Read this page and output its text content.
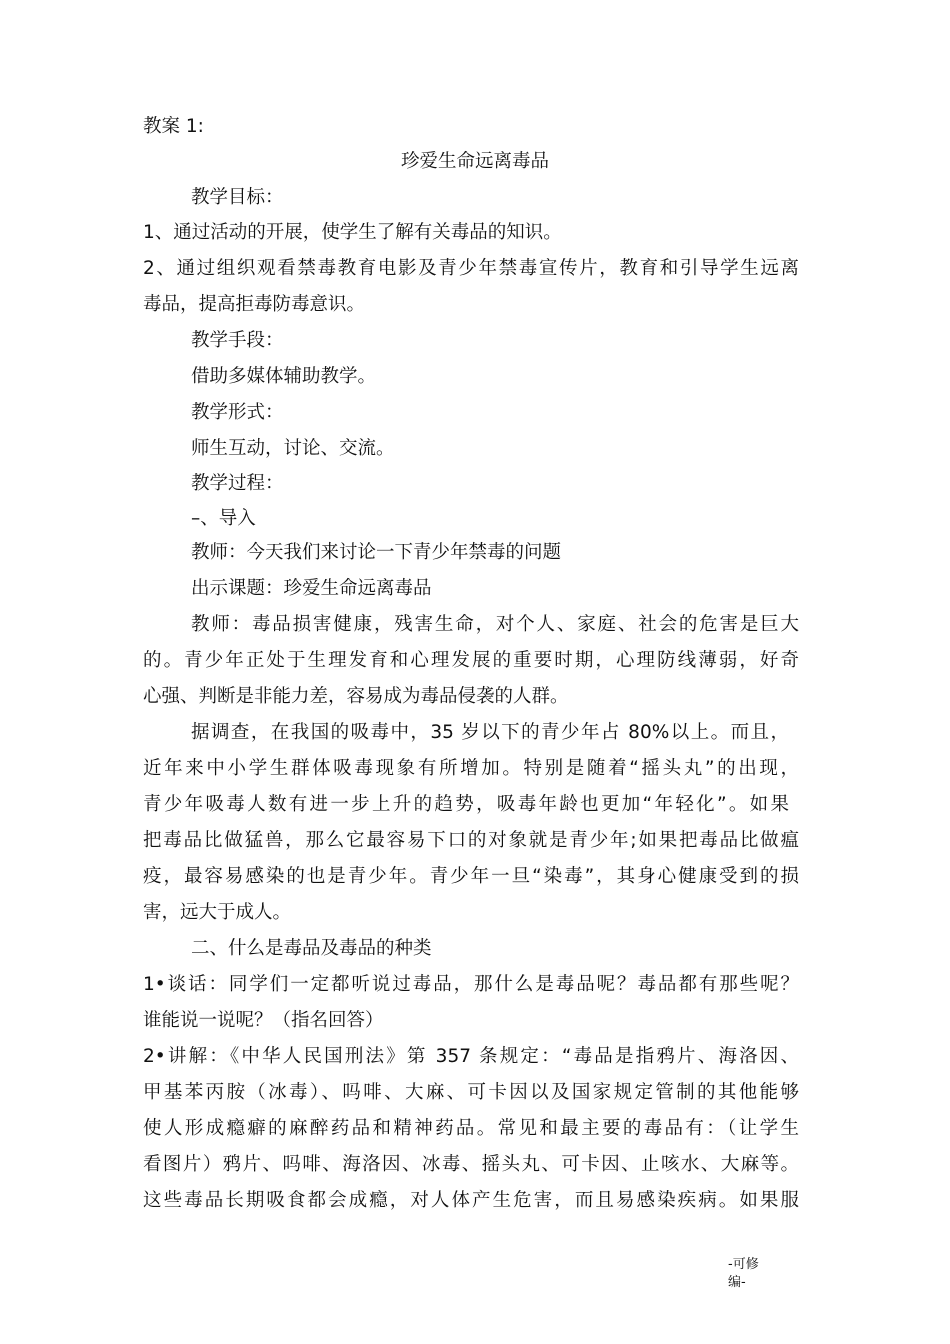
教案 1:
珍爱生命远离毒品
教学目标：
1、通过活动的开展，使学生了解有关毒品的知识。
2、通过组织观看禁毒教育电影及青少年禁毒宣传片，教育和引导学生远离
毒品，提高拒毒防毒意识。
教学手段：
借助多媒体辅助教学。
教学形式：
师生互动，讨论、交流。
教学过程：
–、导入
教师：今天我们来讨论一下青少年禁毒的问题
出示课题：珍爱生命远离毒品
教师：毒品损害健康，残害生命，对个人、家庭、社会的危害是巨大
的。青少年正处于生理发育和心理发展的重要时期，心理防线薄弱，好奇
心强、判断是非能力差，容易成为毒品侵袭的人群。
据调查，在我国的吸毒中，35 岁以下的青少年占 80%以上。而且，
近年来中小学生群体吸毒现象有所增加。特别是随着“摇头丸”的出现，
青少年吸毒人数有进一步上升的趋势，吸毒年龄也更加“年轻化”。如果
把毒品比做猛兽，那么它最容易下口的对象就是青少年;如果把毒品比做瘟
疫，最容易感染的也是青少年。青少年一旦“染毒”，其身心健康受到的损
害，远大于成人。
二、什么是毒品及毒品的种类
1•谈话：同学们一定都听说过毒品，那什么是毒品呢？毒品都有那些呢？
谁能说一说呢？（指名回答）
2•讲解：《中华人民国刑法》第 357 条规定：“毒品是指鸦片、海洛因、
甲基苯丙胺（冰毒）、吗啡、大麻、可卡因以及国家规定管制的其他能够
使人形成瘾癖的麻醉药品和精神药品。常见和最主要的毒品有：（让学生
看图片）鸦片、吗啡、海洛因、冰毒、摇头丸、可卡因、止咳水、大麻等。
这些毒品长期吸食都会成瘾，对人体产生危害，而且易感染疾病。如果服
-可修
编-
